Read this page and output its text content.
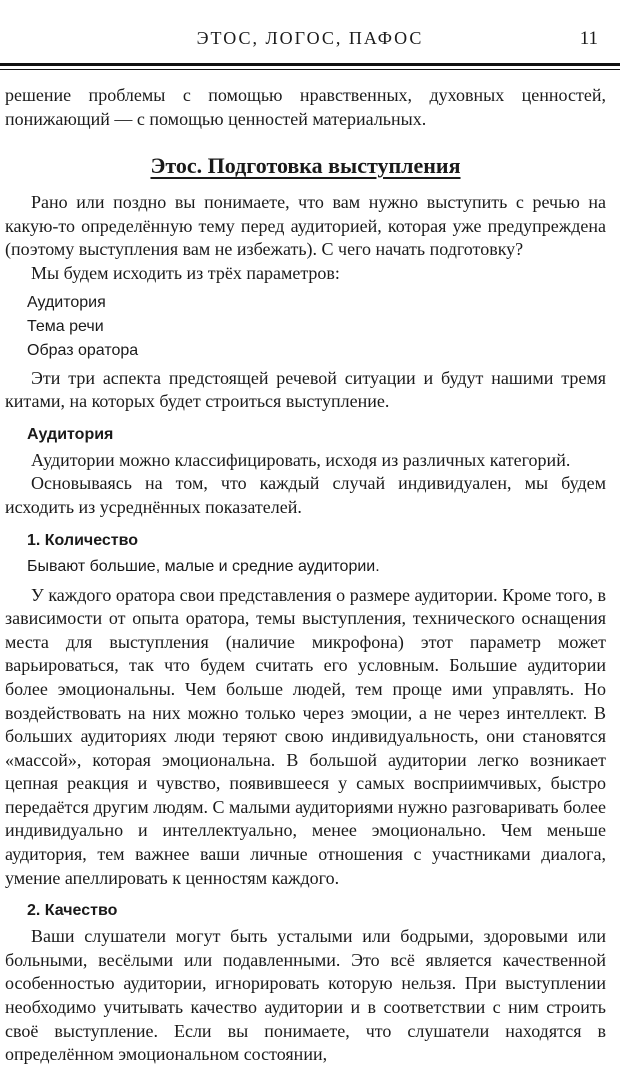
ЭТОС, ЛОГОС, ПАФОС	11

решение проблемы с помощью нравственных, духовных ценностей, понижающий — с помощью ценностей материальных.

Этос. Подготовка выступления

Рано или поздно вы понимаете, что вам нужно выступить с речью на какую-то определённую тему перед аудиторией, которая уже предупреждена (поэтому выступления вам не избежать). С чего начать подготовку?

Мы будем исходить из трёх параметров:

Аудитория
Тема речи
Образ оратора

Эти три аспекта предстоящей речевой ситуации и будут нашими тремя китами, на которых будет строиться выступление.

Аудитория

Аудитории можно классифицировать, исходя из различных категорий.

Основываясь на том, что каждый случай индивидуален, мы будем исходить из усреднённых показателей.

1. Количество
Бывают большие, малые и средние аудитории.

У каждого оратора свои представления о размере аудитории. Кроме того, в зависимости от опыта оратора, темы выступления, технического оснащения места для выступления (наличие микрофона) этот параметр может варьироваться, так что будем считать его условным. Большие аудитории более эмоциональны. Чем больше людей, тем проще ими управлять. Но воздействовать на них можно только через эмоции, а не через интеллект. В больших аудиториях люди теряют свою индивидуальность, они становятся «массой», которая эмоциональна. В большой аудитории легко возникает цепная реакция и чувство, появившееся у самых восприимчивых, быстро передаётся другим людям. С малыми аудиториями нужно разговаривать более индивидуально и интеллектуально, менее эмоционально. Чем меньше аудитория, тем важнее ваши личные отношения с участниками диалога, умение апеллировать к ценностям каждого.

2. Качество

Ваши слушатели могут быть усталыми или бодрыми, здоровыми или больными, весёлыми или подавленными. Это всё является качественной особенностью аудитории, игнорировать которую нельзя. При выступлении необходимо учитывать качество аудитории и в соответствии с ним строить своё выступление. Если вы понимаете, что слушатели находятся в определённом эмоциональном состоянии,
